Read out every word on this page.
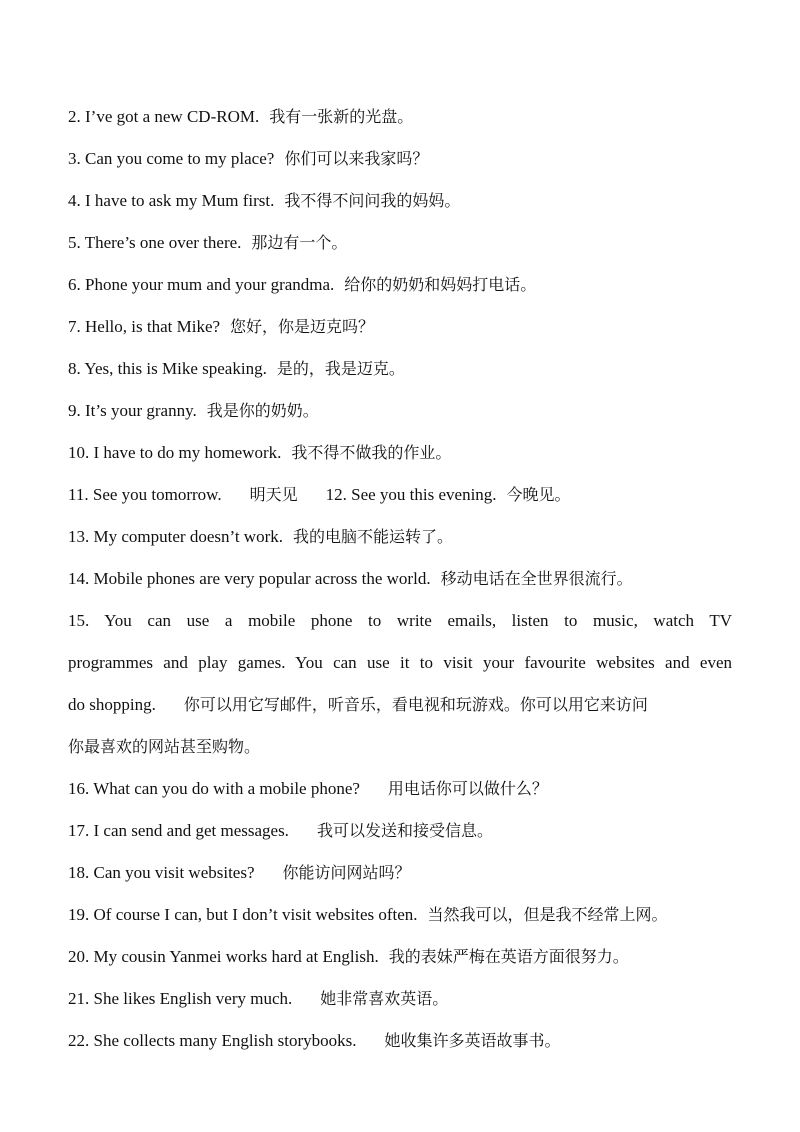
2. I’ve got a new CD-ROM. 我有一张新的光盘。
3. Can you come to my place? 你们可以来我家吗？
4. I have to ask my Mum first. 我不得不问问我的妈妈。
5. There’s one over there. 那边有一个。
6. Phone your mum and your grandma. 给你的奶奶和妈妈打电话。
7. Hello, is that Mike? 您好，你是迈克吗？
8. Yes, this is Mike speaking. 是的，我是迈克。
9. It’s your granny. 我是你的奶奶。
10. I have to do my homework. 我不得不做我的作业。
11. See you tomorrow. 明天见 12. See you this evening. 今晚见。
13. My computer doesn’t work. 我的电脑不能运转了。
14. Mobile phones are very popular across the world. 移动电话在全世界很流行。
15. You can use a mobile phone to write emails, listen to music, watch TV
programmes and play games. You can use it to visit your favourite websites and even
do shopping. 你可以用它写邮件，听音乐，看电视和玩游戏。你可以用它来访问
你最喜欢的网站甚至购物。
16. What can you do with a mobile phone? 用电话你可以做什么？
17. I can send and get messages. 我可以发送和接受信息。
18. Can you visit websites? 你能访问网站吗？
19. Of course I can, but I don’t visit websites often. 当然我可以，但是我不经常上网。
20. My cousin Yanmei works hard at English. 我的表妹严梅在英语方面很努力。
21. She likes English very much. 她非常喜欢英语。
22. She collects many English storybooks. 她收集许多英语故事书。
